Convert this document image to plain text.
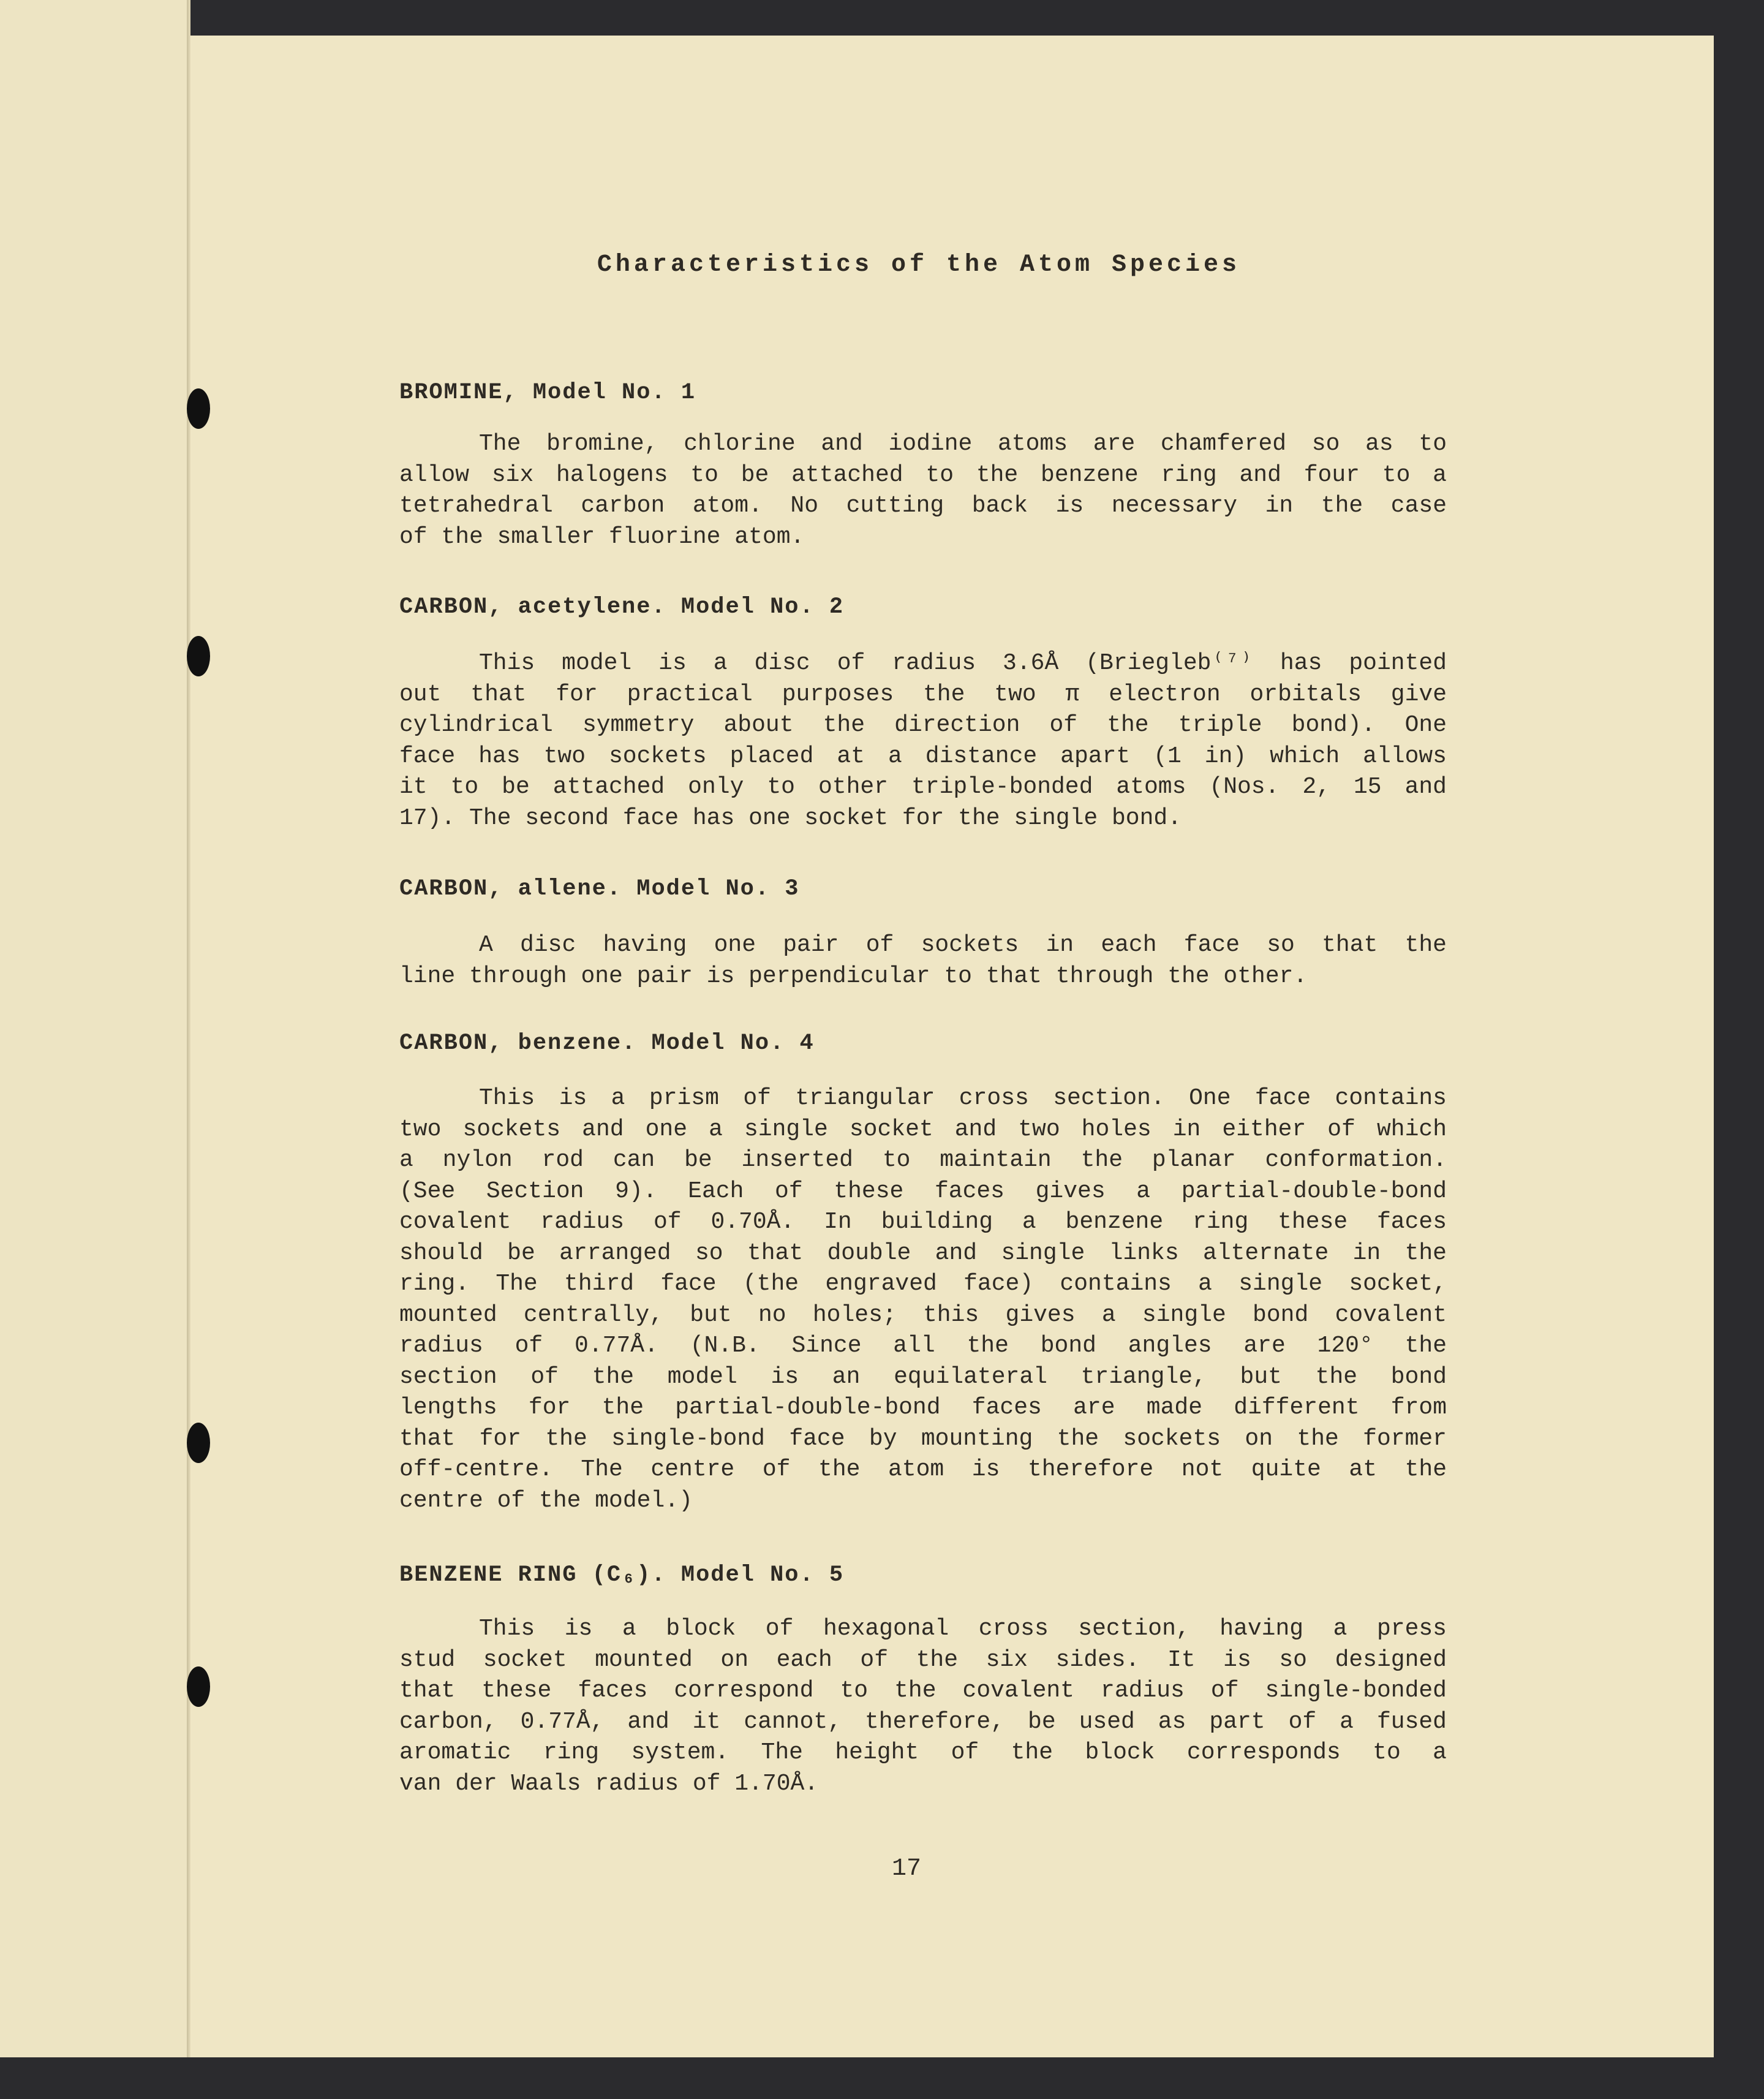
Characteristics of the Atom Species
BROMINE, Model No. 1
The bromine, chlorine and iodine atoms are chamfered so as to
allow six halogens to be attached to the benzene ring and four to a
tetrahedral carbon atom. No cutting back is necessary in the case
of the smaller fluorine atom.
CARBON, acetylene. Model No. 2
This model is a disc of radius 3.6Å (Briegleb⁽⁷⁾ has pointed
out that for practical purposes the two π electron orbitals give
cylindrical symmetry about the direction of the triple bond). One
face has two sockets placed at a distance apart (1 in) which allows
it to be attached only to other triple-bonded atoms (Nos. 2, 15 and
17). The second face has one socket for the single bond.
CARBON, allene. Model No. 3
A disc having one pair of sockets in each face so that the
line through one pair is perpendicular to that through the other.
CARBON, benzene. Model No. 4
This is a prism of triangular cross section. One face contains
two sockets and one a single socket and two holes in either of which
a nylon rod can be inserted to maintain the planar conformation.
(See Section 9). Each of these faces gives a partial-double-bond
covalent radius of 0.70Å. In building a benzene ring these faces
should be arranged so that double and single links alternate in the
ring. The third face (the engraved face) contains a single socket,
mounted centrally, but no holes; this gives a single bond covalent
radius of 0.77Å. (N.B. Since all the bond angles are 120° the
section of the model is an equilateral triangle, but the bond
lengths for the partial-double-bond faces are made different from
that for the single-bond face by mounting the sockets on the former
off-centre. The centre of the atom is therefore not quite at the
centre of the model.)
BENZENE RING (C₆). Model No. 5
This is a block of hexagonal cross section, having a press
stud socket mounted on each of the six sides. It is so designed
that these faces correspond to the covalent radius of single-bonded
carbon, 0.77Å, and it cannot, therefore, be used as part of a fused
aromatic ring system. The height of the block corresponds to a
van der Waals radius of 1.70Å.
17
